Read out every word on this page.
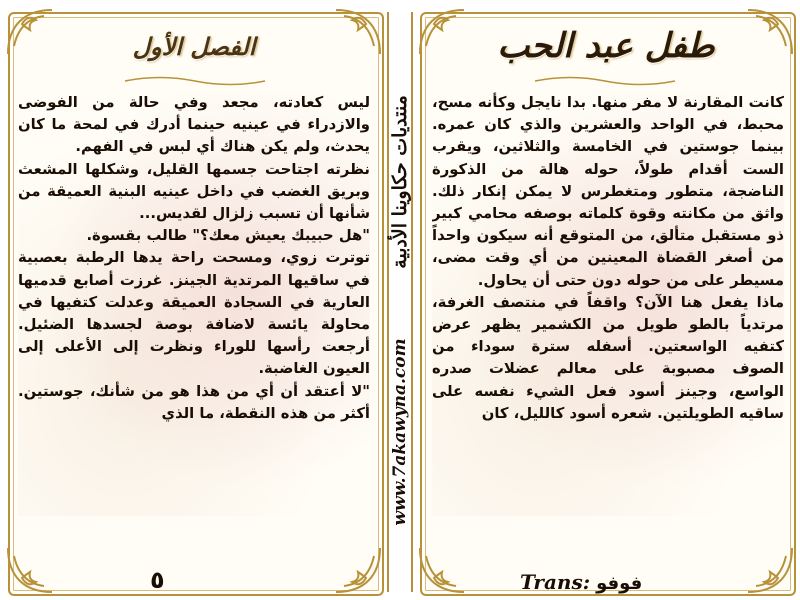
الفصل الأول

ليس كعادته، مجعد وفي حالة من الفوضى والازدراء في عينيه حينما أدرك في لمحة ما كان يحدث، ولم يكن هناك أي لبس في الفهم.

نظرته اجتاحت جسمها القليل، وشكلها المشعث وبريق الغضب في داخل عينيه البنية العميقة من شأنها أن تسبب زلزال لقديس...

"هل حبيبك يعيش معك؟" طالب بقسوة.

توترت زوي، ومسحت راحة يدها الرطبة بعصبية في ساقيها المرتدية الجينز. غرزت أصابع قدميها العارية في السجادة العميقة وعدلت كتفيها في محاولة يائسة لاضافة بوصة لجسدها الضئيل. أرجعت رأسها للوراء ونظرت إلى الأعلى إلى العيون الغاضبة.

"لا أعتقد أن أي من هذا هو من شأنك، جوستين. أكثر من هذه النقطة، ما الذي

٥
منتديات حكاوينا الأدبية
www.7akawyna.com
طفل عبد الحب

كانت المقارنة لا مفر منها. بدا نايجل وكأنه مسح، محبط، في الواحد والعشرين والذي كان عمره. بينما جوستين في الخامسة والثلاثين، ويقرب الست أقدام طولاً، حوله هالة من الذكورة الناضجة، متطور ومتغطرس لا يمكن إنكار ذلك. واثق من مكانته وقوة كلماته بوصفه محامي كبير ذو مستقبل متألق، من المتوقع أنه سيكون واحداً من أصغر القضاة المعينين من أي وقت مضى، مسيطر على من حوله دون حتى أن يحاول.

ماذا يفعل هنا الآن؟ واقفاً في منتصف الغرفة، مرتدياً بالطو طويل من الكشمير يظهر عرض كتفيه الواسعتين. أسفله سترة سوداء من الصوف مصبوبة على معالم عضلات صدره الواسع، وجينز أسود فعل الشيء نفسه على ساقيه الطويلتين. شعره أسود كالليل، كان

Trans: فوفو
